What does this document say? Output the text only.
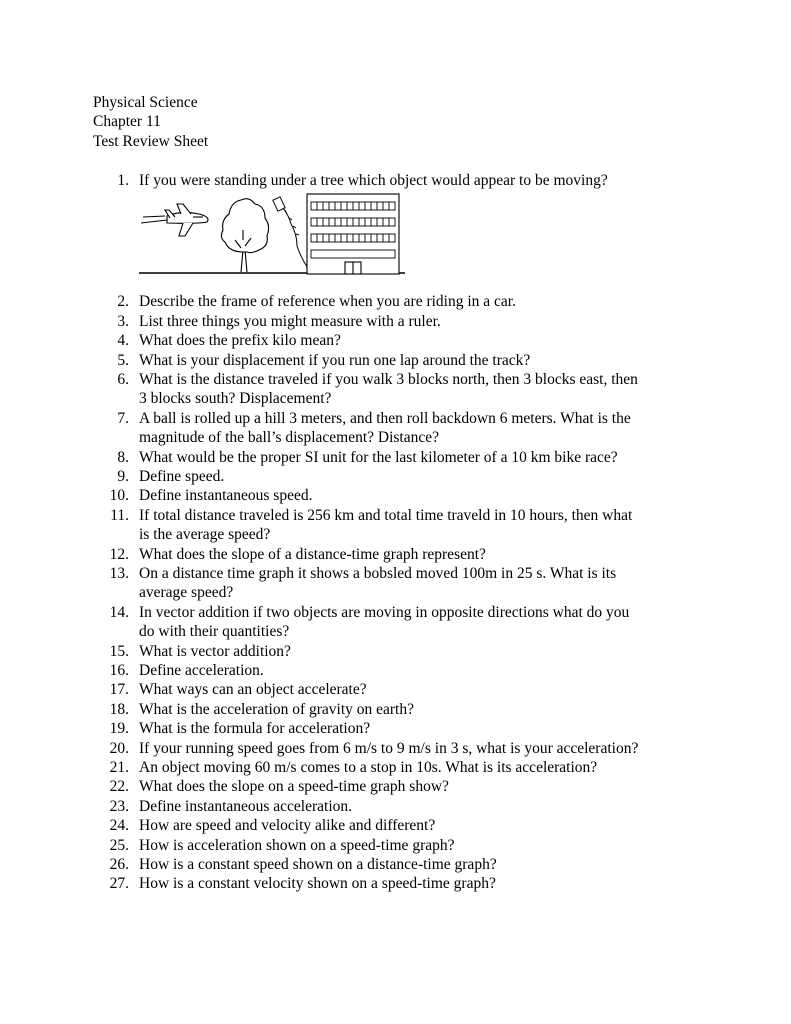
Physical Science
Chapter 11
Test Review Sheet
1. If you were standing under a tree which object would appear to be moving?
2. Describe the frame of reference when you are riding in a car.
3. List three things you might measure with a ruler.
4. What does the prefix kilo mean?
5. What is your displacement if you run one lap around the track?
6. What is the distance traveled if you walk 3 blocks north, then 3 blocks east, then
3 blocks south? Displacement?
7. A ball is rolled up a hill 3 meters, and then roll backdown 6 meters. What is the
magnitude of the ball’s displacement? Distance?
8. What would be the proper SI unit for the last kilometer of a 10 km bike race?
9. Define speed.
10. Define instantaneous speed.
11. If total distance traveled is 256 km and total time traveld in 10 hours, then what
is the average speed?
12. What does the slope of a distance-time graph represent?
13. On a distance time graph it shows a bobsled moved 100m in 25 s. What is its
average speed?
14. In vector addition if two objects are moving in opposite directions what do you
do with their quantities?
15. What is vector addition?
16. Define acceleration.
17. What ways can an object accelerate?
18. What is the acceleration of gravity on earth?
19. What is the formula for acceleration?
20. If your running speed goes from 6 m/s to 9 m/s in 3 s, what is your acceleration?
21. An object moving 60 m/s comes to a stop in 10s. What is its acceleration?
22. What does the slope on a speed-time graph show?
23. Define instantaneous acceleration.
24. How are speed and velocity alike and different?
25. How is acceleration shown on a speed-time graph?
26. How is a constant speed shown on a distance-time graph?
27. How is a constant velocity shown on a speed-time graph?
